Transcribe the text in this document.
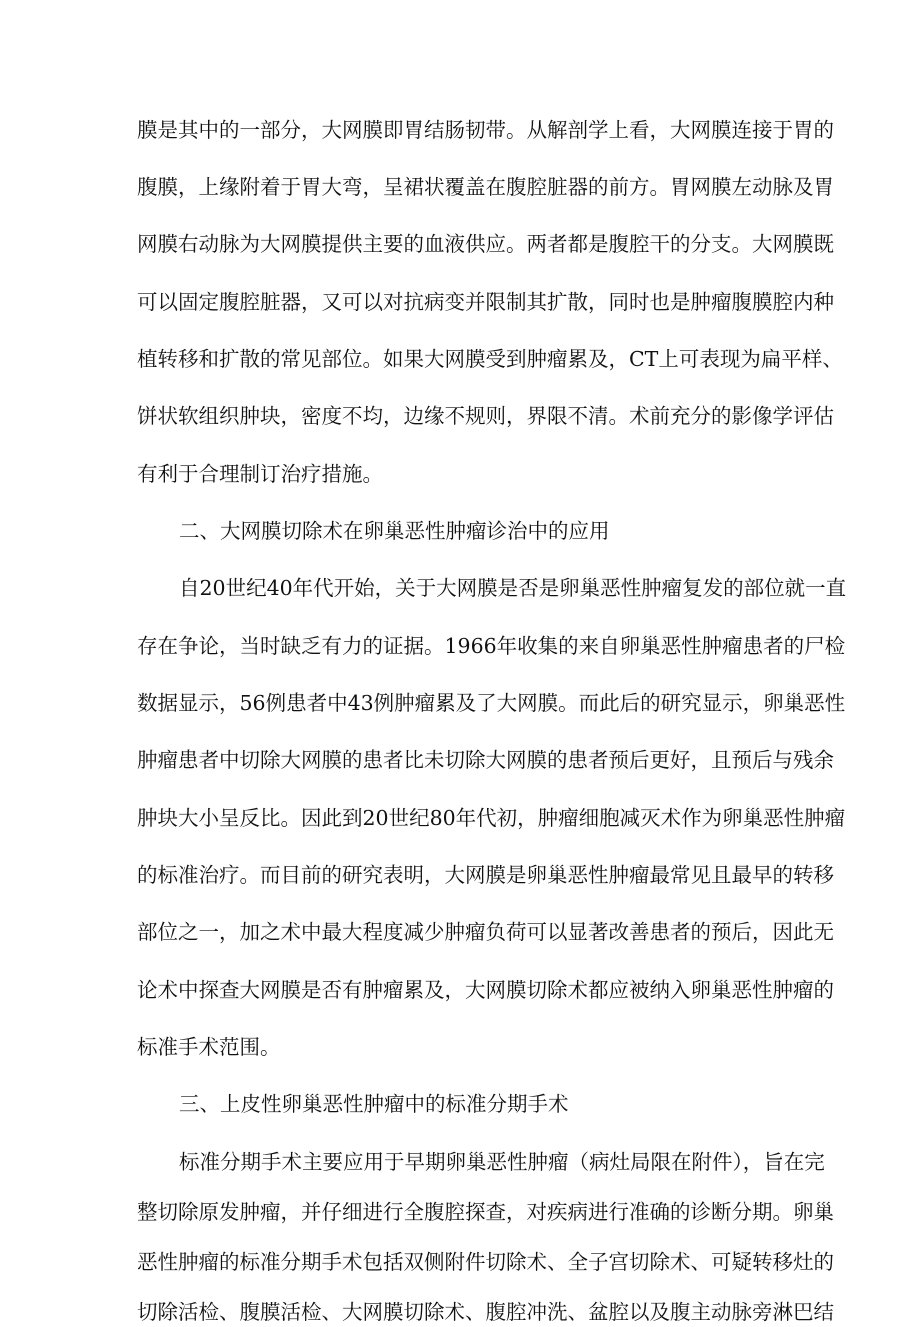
膜是其中的一部分，大网膜即胃结肠韧带。从解剖学上看，大网膜连接于胃的
腹膜，上缘附着于胃大弯，呈裙状覆盖在腹腔脏器的前方。胃网膜左动脉及胃
网膜右动脉为大网膜提供主要的血液供应。两者都是腹腔干的分支。大网膜既
可以固定腹腔脏器，又可以对抗病变并限制其扩散，同时也是肿瘤腹膜腔内种
植转移和扩散的常见部位。如果大网膜受到肿瘤累及，CT上可表现为扁平样、
饼状软组织肿块，密度不均，边缘不规则，界限不清。术前充分的影像学评估
有利于合理制订治疗措施。
二、大网膜切除术在卵巢恶性肿瘤诊治中的应用
自20世纪40年代开始，关于大网膜是否是卵巢恶性肿瘤复发的部位就一直
存在争论，当时缺乏有力的证据。1966年收集的来自卵巢恶性肿瘤患者的尸检
数据显示，56例患者中43例肿瘤累及了大网膜。而此后的研究显示，卵巢恶性
肿瘤患者中切除大网膜的患者比未切除大网膜的患者预后更好，且预后与残余
肿块大小呈反比。因此到20世纪80年代初，肿瘤细胞减灭术作为卵巢恶性肿瘤
的标准治疗。而目前的研究表明，大网膜是卵巢恶性肿瘤最常见且最早的转移
部位之一，加之术中最大程度减少肿瘤负荷可以显著改善患者的预后，因此无
论术中探查大网膜是否有肿瘤累及，大网膜切除术都应被纳入卵巢恶性肿瘤的
标准手术范围。
三、上皮性卵巢恶性肿瘤中的标准分期手术
标准分期手术主要应用于早期卵巢恶性肿瘤（病灶局限在附件），旨在完
整切除原发肿瘤，并仔细进行全腹腔探查，对疾病进行准确的诊断分期。卵巢
恶性肿瘤的标准分期手术包括双侧附件切除术、全子宫切除术、可疑转移灶的
切除活检、腹膜活检、大网膜切除术、腹腔冲洗、盆腔以及腹主动脉旁淋巴结
